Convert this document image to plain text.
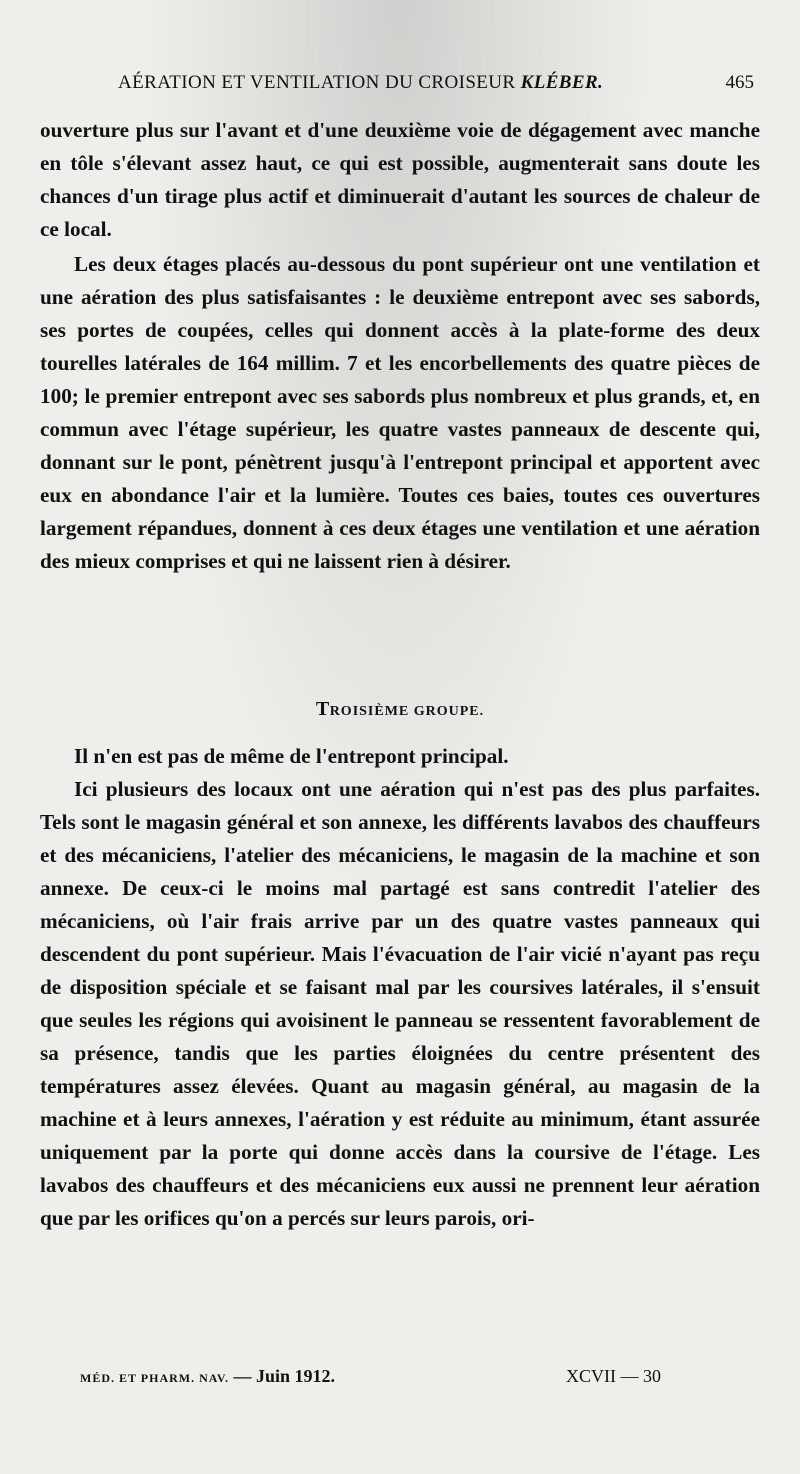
AÉRATION ET VENTILATION DU CROISEUR KLÉBER.	465

ouverture plus sur l'avant et d'une deuxième voie de dégagement avec manche en tôle s'élevant assez haut, ce qui est possible, augmenterait sans doute les chances d'un tirage plus actif et diminuerait d'autant les sources de chaleur de ce local.

Les deux étages placés au-dessous du pont supérieur ont une ventilation et une aération des plus satisfaisantes : le deuxième entrepont avec ses sabords, ses portes de coupées, celles qui donnent accès à la plate-forme des deux tourelles latérales de 164 millim. 7 et les encorbellements des quatre pièces de 100; le premier entrepont avec ses sabords plus nombreux et plus grands, et, en commun avec l'étage supérieur, les quatre vastes panneaux de descente qui, donnant sur le pont, pénètrent jusqu'à l'entrepont principal et apportent avec eux en abondance l'air et la lumière. Toutes ces baies, toutes ces ouvertures largement répandues, donnent à ces deux étages une ventilation et une aération des mieux comprises et qui ne laissent rien à désirer.

TROISIÈME GROUPE.

Il n'en est pas de même de l'entrepont principal.

Ici plusieurs des locaux ont une aération qui n'est pas des plus parfaites. Tels sont le magasin général et son annexe, les différents lavabos des chauffeurs et des mécaniciens, l'atelier des mécaniciens, le magasin de la machine et son annexe. De ceux-ci le moins mal partagé est sans contredit l'atelier des mécaniciens, où l'air frais arrive par un des quatre vastes panneaux qui descendent du pont supérieur. Mais l'évacuation de l'air vicié n'ayant pas reçu de disposition spéciale et se faisant mal par les coursives latérales, il s'ensuit que seules les régions qui avoisinent le panneau se ressentent favorablement de sa présence, tandis que les parties éloignées du centre présentent des températures assez élevées. Quant au magasin général, au magasin de la machine et à leurs annexes, l'aération y est réduite au minimum, étant assurée uniquement par la porte qui donne accès dans la coursive de l'étage. Les lavabos des chauffeurs et des mécaniciens eux aussi ne prennent leur aération que par les orifices qu'on a percés sur leurs parois, ori-

MÉD. ET PHARM. NAV. — Juin 1912.	XCVII — 30
